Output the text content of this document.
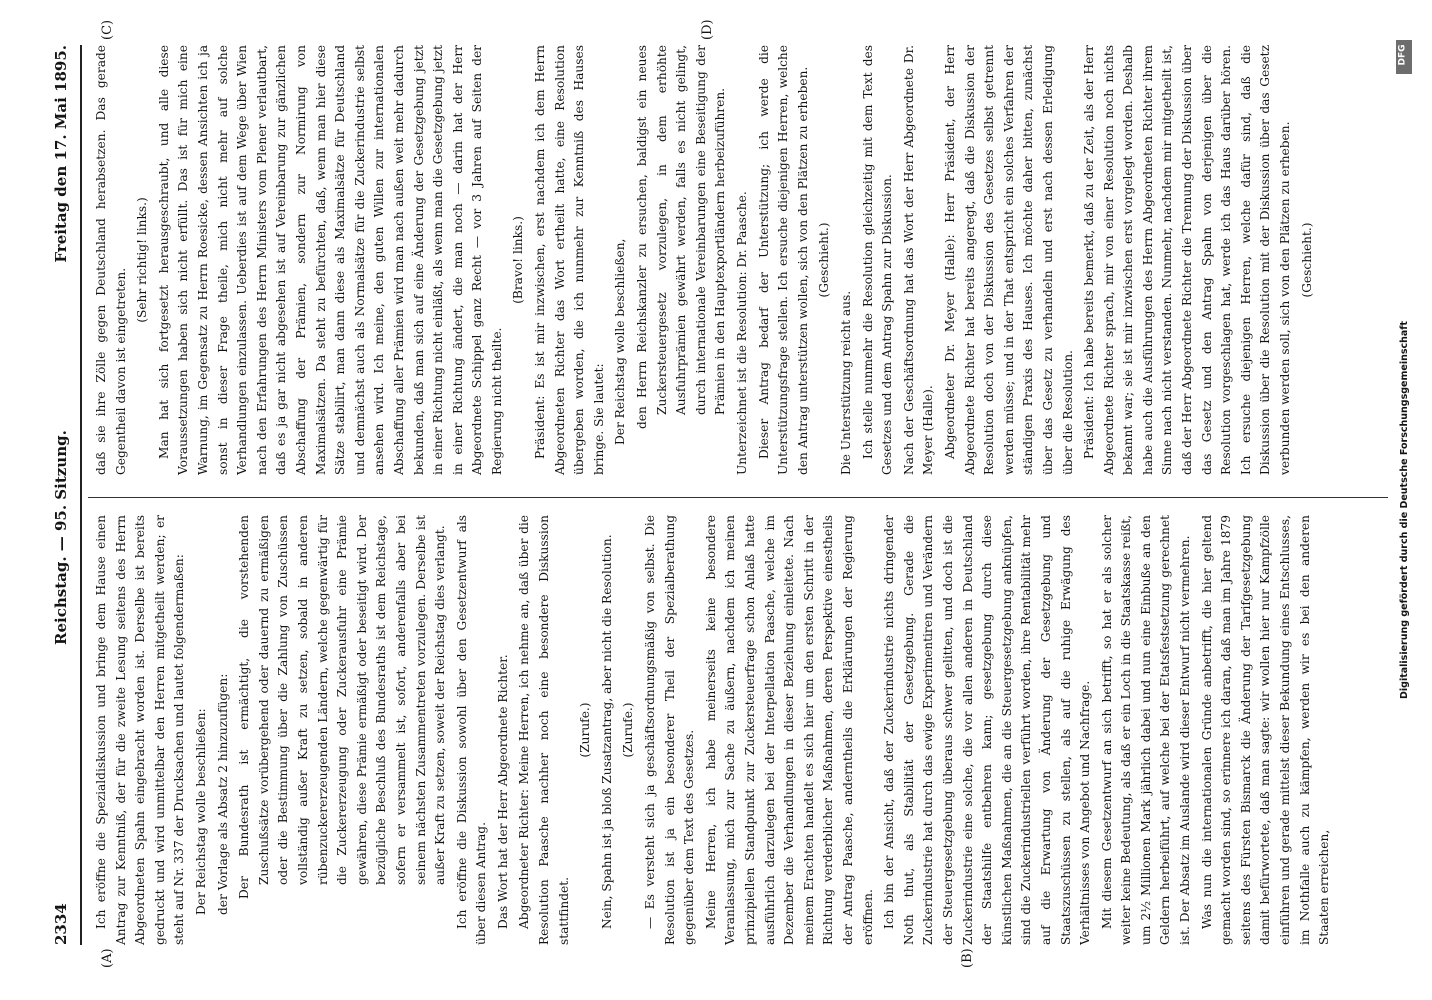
2334
Reichstag. — 95. Sitzung.
Freitag den 17. Mai 1895.
(A)	(B)
(C)	(D)

Ich eröffne die Spezialdiskussion und bringe dem Hause einen Antrag zur Kenntniß, der für die zweite Lesung seitens des Herrn Abgeordneten Spahn eingebracht worden ist. Derselbe ist bereits gedruckt und wird unmittelbar den Herren mitgetheilt werden; er steht auf Nr. 337 der Drucksachen und lautet folgendermaßen: Der Reichstag wolle beschließen: der Vorlage als Absatz 2 hinzuzufügen: Der Bundesrath ist ermächtigt, die vorstehenden Zuschußsätze vorübergehend oder dauernd zu ermäßigen oder die Bestimmung über die Zahlung von Zuschüssen vollständig außer Kraft zu setzen, sobald in anderen rübenzuckererzeugenden Ländern, welche gegenwärtig für die Zuckererzeugung oder Zuckerausfuhr eine Prämie gewähren, diese Prämie ermäßigt oder beseitigt wird. Der bezügliche Beschluß des Bundesraths ist dem Reichstage, sofern er versammelt ist, sofort, anderenfalls aber bei seinem nächsten Zusammentreten vorzulegen. Derselbe ist außer Kraft zu setzen, soweit der Reichstag dies verlangt. Ich eröffne die Diskussion sowohl über den Gesetzentwurf als über diesen Antrag. Das Wort hat der Herr Abgeordnete Richter. Abgeordneter Richter: Meine Herren, ich nehme an, daß über die Resolution Paasche nachher noch eine besondere Diskussion stattfindet.

(Zurufe.) Nein, Spahn ist ja bloß Zusatzantrag, aber nicht die Resolution. (Zurufe.) — Es versteht sich ja geschäftsordnungsmäßig von selbst. Die Resolution ist ja ein besonderer Theil der Spezialberathung gegenüber dem Text des Gesetzes. Meine Herren, ich habe meinerseits keine besondere Veranlassung, mich zur Sache zu äußern, nachdem ich meinen prinzipiellen Standpunkt zur Zuckersteuerfrage schon Anlaß hatte ausführlich darzulegen bei der Interpellation Paasche, welche im Dezember die Verhandlungen in dieser Beziehung einleitete. Nach meinem Erachten handelt es sich hier um den ersten Schritt in der Richtung verderblicher Maßnahmen, deren Perspektive einestheils der Antrag Paasche, anderntheils die Erklärungen der Regierung eröffnen. Ich bin der Ansicht, daß der Zuckerindustrie nichts dringender Noth thut, als Stabilität der Gesetzgebung. Gerade die Zuckerindustrie hat durch das ewige Experimentiren und Verändern der Steuergesetzgebung überaus schwer gelitten, und doch ist die Zuckerindustrie eine solche, die vor allen anderen in Deutschland der Staatshilfe entbehren kann; gesetzgebung durch diese künstlichen Maßnahmen, die an die Steuergesetzgebung anknüpfen, sind die Zuckerindustriellen verführt worden, ihre Rentabilität mehr auf die Erwartung von Änderung der Gesetzgebung und Staatszuschüssen zu stellen, als auf die ruhige Erwägung des Verhältnisses von Angebot und Nachfrage. Mit diesem Gesetzentwurf an sich betrifft, so hat er als solcher weiter keine Bedeutung, als daß er ein Loch in die Staatskasse reißt, um 2½ Millionen Mark jährlich dabei und nun eine Einbuße an den Geldern herbeiführt, auf welche bei der Etatsfestsetzung gerechnet ist. Der Absatz im Auslande wird dieser Entwurf nicht vermehren. Was nun die internationalen Gründe anbetrifft, die hier geltend gemacht worden sind, so erinnere ich daran, daß man im Jahre 1879 seitens des Fürsten Bismarck die Änderung der Tarifgesetzgebung damit befürwortete, daß man sagte: wir wollen hier nur Kampfzölle einführen und gerade mittelst dieser Bekundung eines Entschlusses, im Nothfalle auch zu kämpfen, werden wir es bei den anderen Staaten erreichen,

daß sie ihre Zölle gegen Deutschland herabsetzen. Das gerade Gegentheil davon ist eingetreten.

(Sehr richtig! links.) Man hat sich fortgesetzt herausgeschraubt, und alle diese Voraussetzungen haben sich nicht erfüllt. Das ist für mich eine Warnung, im Gegensatz zu Herrn Roesicke, dessen Ansichten ich ja sonst in dieser Frage theile, mich nicht mehr auf solche Verhandlungen einzulassen. Ueberdies ist auf dem Wege über Wien nach den Erfahrungen des Herrn Ministers vom Plener verlautbart, daß es ja gar nicht abgesehen ist auf Vereinbarung zur gänzlichen Abschaffung der Prämien, sondern zur Normirung von Maximalsätzen. Da steht zu befürchten, daß, wenn man hier diese Sätze stabilirt, man dann diese als Maximalsätze für Deutschland und demnächst auch als Normalsätze für die Zuckerindustrie selbst ansehen wird. Ich meine, den guten Willen zur internationalen Abschaffung aller Prämien wird man nach außen weit mehr dadurch bekunden, daß man sich auf eine Änderung der Gesetzgebung jetzt in einer Richtung nicht einläßt, als wenn man die Gesetzgebung jetzt in einer Richtung ändert, die man noch — darin hat der Herr Abgeordnete Schippel ganz Recht — vor 3 Jahren auf Seiten der Regierung nicht theilte.

(Bravo! links.) Präsident: Es ist mir inzwischen, erst nachdem ich dem Herrn Abgeordneten Richter das Wort ertheilt hatte, eine Resolution übergeben worden, die ich nunmehr zur Kenntniß des Hauses bringe. Sie lautet: Der Reichstag wolle beschließen, den Herrn Reichskanzler zu ersuchen, baldigst ein neues Zuckersteuergesetz vorzulegen, in dem erhöhte Ausfuhrprämien gewährt werden, falls es nicht gelingt, durch internationale Vereinbarungen eine Beseitigung der Prämien in den Hauptexportländern herbeizuführen. Unterzeichnet ist die Resolution: Dr. Paasche. Dieser Antrag bedarf der Unterstützung; ich werde die Unterstützungsfrage stellen. Ich ersuche diejenigen Herren, welche den Antrag unterstützen wollen, sich von den Plätzen zu erheben. (Geschieht.)

Die Unterstützung reicht aus. Ich stelle nunmehr die Resolution gleichzeitig mit dem Text des Gesetzes und dem Antrag Spahn zur Diskussion. Nach der Geschäftsordnung hat das Wort der Herr Abgeordnete Dr. Meyer (Halle). Abgeordneter Dr. Meyer (Halle): Herr Präsident, der Herr Abgeordnete Richter hat bereits angeregt, daß die Diskussion der Resolution doch von der Diskussion des Gesetzes selbst getrennt werden müsse; und in der That entspricht ein solches Verfahren der ständigen Praxis des Hauses. Ich möchte daher bitten, zunächst über das Gesetz zu verhandeln und erst nach dessen Erledigung über die Resolution. Präsident: Ich habe bereits bemerkt, daß zu der Zeit, als der Herr Abgeordnete Richter sprach, mir von einer Resolution noch nichts bekannt war; sie ist mir inzwischen erst vorgelegt worden. Deshalb habe auch die Ausführungen des Herrn Abgeordneten Richter ihrem Sinne nach nicht verstanden. Nunmehr, nachdem mir mitgetheilt ist, daß der Herr Abgeordnete Richter die Trennung der Diskussion über das Gesetz und den Antrag Spahn von derjenigen über die Resolution vorgeschlagen hat, werde ich das Haus darüber hören. Ich ersuche diejenigen Herren, welche dafür sind, daß die Diskussion über die Resolution mit der Diskussion über das Gesetz verbunden werden soll, sich von den Plätzen zu erheben. (Geschieht.)

DFG
Digitalisierung gefördert durch die Deutsche Forschungsgemeinschaft
